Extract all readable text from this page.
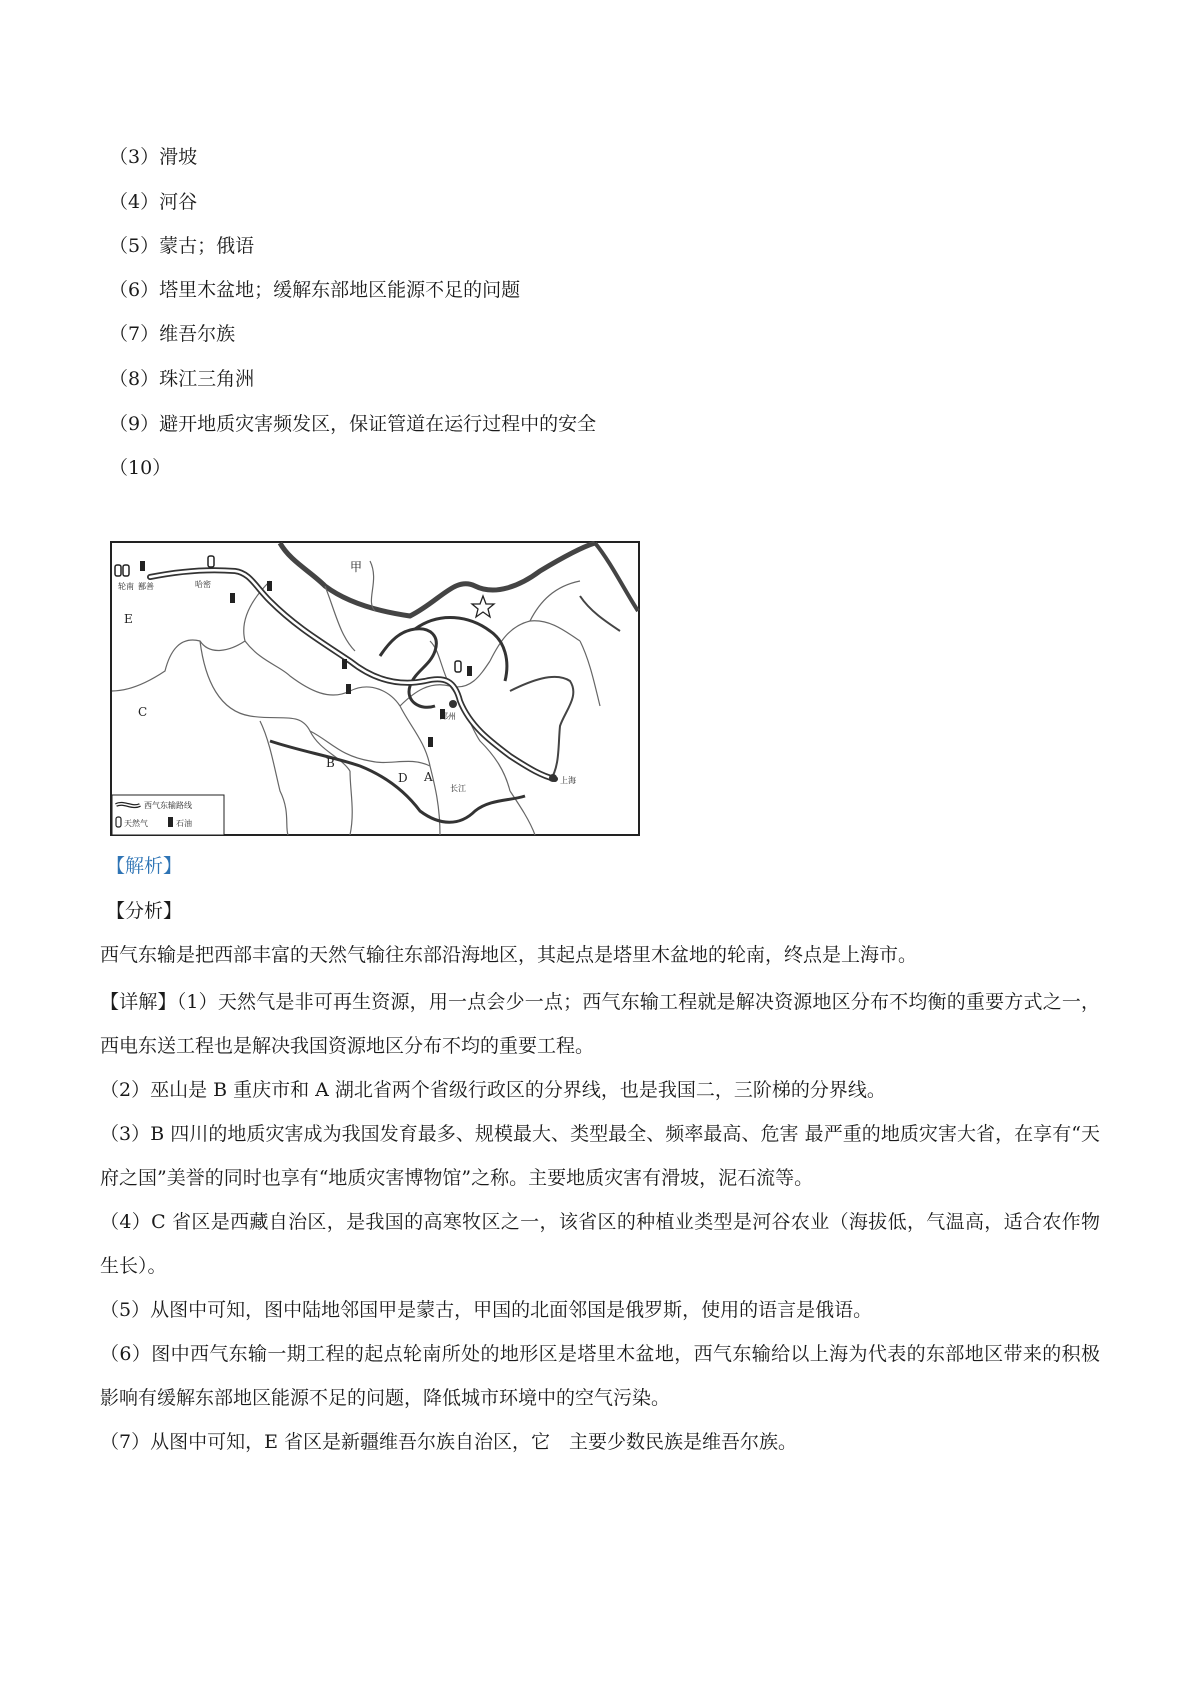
（3）滑坡
（4）河谷
（5）蒙古；俄语
（6）塔里木盆地；缓解东部地区能源不足的问题
（7）维吾尔族
（8）珠江三角洲
（9）避开地质灾害频发区，保证管道在运行过程中的安全
（10）
甲
E
C
B
D A
轮南 鄯善	哈密
郑州
上海
长江
西气东输路线
天然气	石油
【解析】
【分析】
西气东输是把西部丰富的天然气输往东部沿海地区，其起点是塔里木盆地的轮南，终点是上海市。
【详解】（1）天然气是非可再生资源，用一点会少一点；西气东输工程就是解决资源地区分布不均衡的重要方式之一，西电东送工程也是解决我国资源地区分布不均的重要工程。
（2）巫山是 B 重庆市和 A 湖北省两个省级行政区的分界线，也是我国二，三阶梯的分界线。
（3）B 四川的地质灾害成为我国发育最多、规模最大、类型最全、频率最高、危害 最严重的地质灾害大省，在享有“天府之国”美誉的同时也享有“地质灾害博物馆”之称。主要地质灾害有滑坡，泥石流等。
（4）C 省区是西藏自治区，是我国的高寒牧区之一，该省区的种植业类型是河谷农业（海拔低，气温高，适合农作物生长）。
（5）从图中可知，图中陆地邻国甲是蒙古，甲国的北面邻国是俄罗斯，使用的语言是俄语。
（6）图中西气东输一期工程的起点轮南所处的地形区是塔里木盆地，西气东输给以上海为代表的东部地区带来的积极影响有缓解东部地区能源不足的问题，降低城市环境中的空气污染。
（7）从图中可知，E 省区是新疆维吾尔族自治区，它　主要少数民族是维吾尔族。
